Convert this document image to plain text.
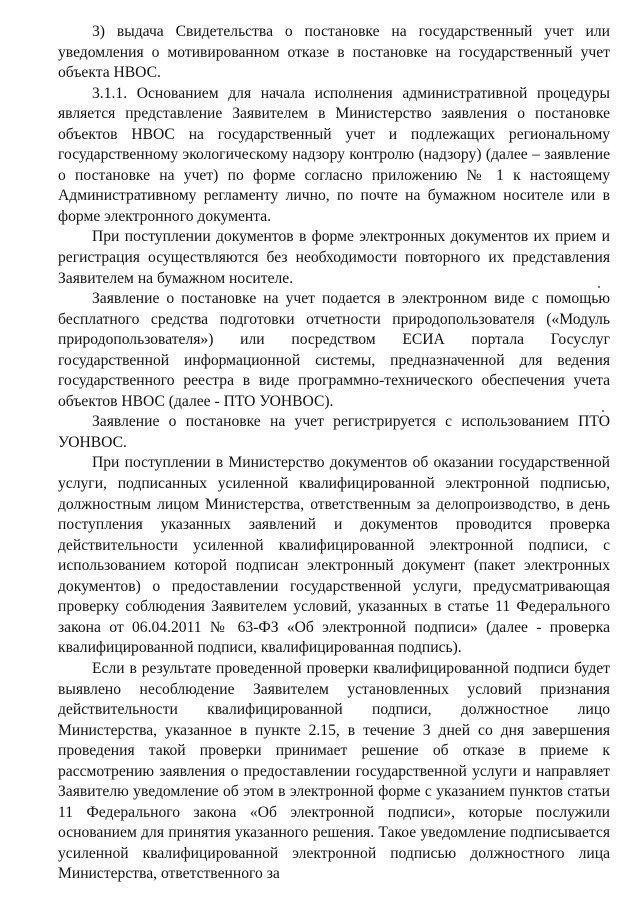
3) выдача Свидетельства о постановке на государственный учет или уведомления о мотивированном отказе в постановке на государственный учет объекта НВОС.

3.1.1. Основанием для начала исполнения административной процедуры является представление Заявителем в Министерство заявления о постановке объектов НВОС на государственный учет и подлежащих региональному государственному экологическому надзору контролю (надзору) (далее – заявление о постановке на учет) по форме согласно приложению № 1 к настоящему Административному регламенту лично, по почте на бумажном носителе или в форме электронного документа.

При поступлении документов в форме электронных документов их прием и регистрация осуществляются без необходимости повторного их представления Заявителем на бумажном носителе.

Заявление о постановке на учет подается в электронном виде с помощью бесплатного средства подготовки отчетности природопользователя («Модуль природопользователя») или посредством ЕСИА портала Госуслуг государственной информационной системы, предназначенной для ведения государственного реестра в виде программно-технического обеспечения учета объектов НВОС (далее - ПТО УОНВОС).

Заявление о постановке на учет регистрируется с использованием ПТО УОНВОС.

При поступлении в Министерство документов об оказании государственной услуги, подписанных усиленной квалифицированной электронной подписью, должностным лицом Министерства, ответственным за делопроизводство, в день поступления указанных заявлений и документов проводится проверка действительности усиленной квалифицированной электронной подписи, с использованием которой подписан электронный документ (пакет электронных документов) о предоставлении государственной услуги, предусматривающая проверку соблюдения Заявителем условий, указанных в статье 11 Федерального закона от 06.04.2011 № 63-ФЗ «Об электронной подписи» (далее - проверка квалифицированной подписи, квалифицированная подпись).

Если в результате проведенной проверки квалифицированной подписи будет выявлено несоблюдение Заявителем установленных условий признания действительности квалифицированной подписи, должностное лицо Министерства, указанное в пункте 2.15, в течение 3 дней со дня завершения проведения такой проверки принимает решение об отказе в приеме к рассмотрению заявления о предоставлении государственной услуги и направляет Заявителю уведомление об этом в электронной форме с указанием пунктов статьи 11 Федерального закона «Об электронной подписи», которые послужили основанием для принятия указанного решения. Такое уведомление подписывается усиленной квалифицированной электронной подписью должностного лица Министерства, ответственного за
